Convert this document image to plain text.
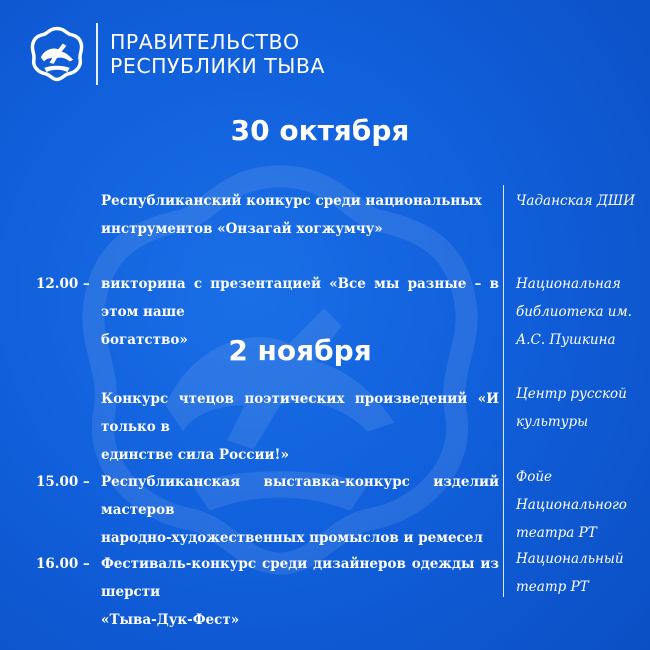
ПРАВИТЕЛЬСТВО
РЕСПУБЛИКИ ТЫВА
30 октября
2 ноября
Республиканский конкурс среди национальных
инструментов «Онзагай хогжумчу»
Чаданская ДШИ
12.00 – викторина с презентацией «Все мы разные – в этом наше
богатство»
Национальная библиотека им. А.С. Пушкина
Конкурс чтецов поэтических произведений «И только в
единстве сила России!»
Центр русской культуры
15.00 – Республиканская выставка-конкурс изделий мастеров
народно-художественных промыслов и ремесел
Фойе Национального театра РТ
16.00 – Фестиваль-конкурс среди дизайнеров одежды из шерсти
«Тыва-Дук-Фест»
Национальный театр РТ
